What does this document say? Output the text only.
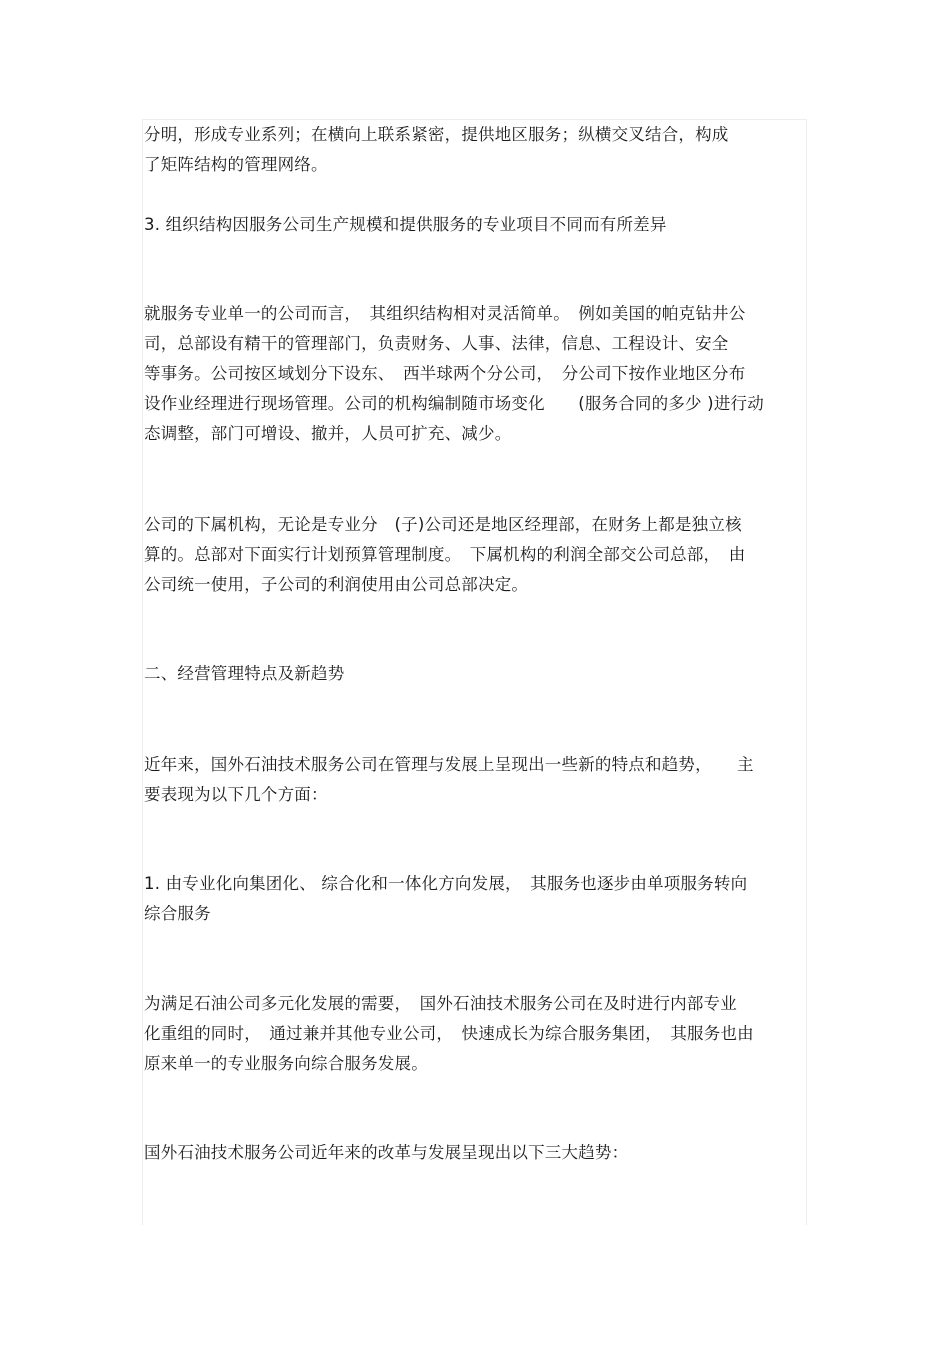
分明，形成专业系列；在横向上联系紧密，提供地区服务；纵横交叉结合，构成
了矩阵结构的管理网络。
3. 组织结构因服务公司生产规模和提供服务的专业项目不同而有所差异
就服务专业单一的公司而言，　其组织结构相对灵活简单。　例如美国的帕克钻井公
司，总部设有精干的管理部门，负责财务、人事、法律，信息、工程设计、安全
等事务。公司按区域划分下设东、　西半球两个分公司，　分公司下按作业地区分布
设作业经理进行现场管理。公司的机构编制随市场变化　　(服务合同的多少 )进行动
态调整，部门可增设、撤并，人员可扩充、减少。
公司的下属机构，无论是专业分　(子)公司还是地区经理部，在财务上都是独立核
算的。总部对下面实行计划预算管理制度。　下属机构的利润全部交公司总部，　由
公司统一使用，子公司的利润使用由公司总部决定。
二、经营管理特点及新趋势
近年来，国外石油技术服务公司在管理与发展上呈现出一些新的特点和趋势，　　主
要表现为以下几个方面：
1. 由专业化向集团化、 综合化和一体化方向发展，　其服务也逐步由单项服务转向
综合服务
为满足石油公司多元化发展的需要，　国外石油技术服务公司在及时进行内部专业
化重组的同时，　通过兼并其他专业公司，　快速成长为综合服务集团，　其服务也由
原来单一的专业服务向综合服务发展。
国外石油技术服务公司近年来的改革与发展呈现出以下三大趋势：
